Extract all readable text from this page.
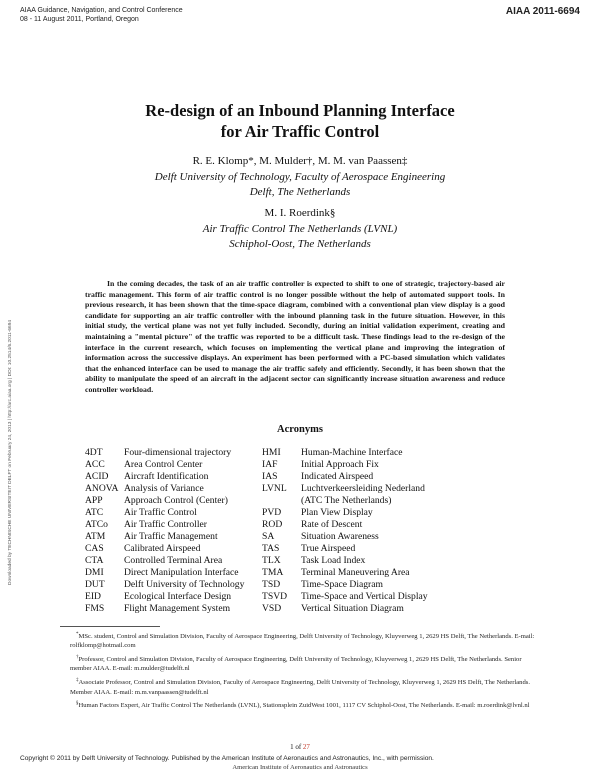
AIAA Guidance, Navigation, and Control Conference
08 - 11 August 2011, Portland, Oregon
AIAA 2011-6694
Downloaded by TECHNISCHE UNIVERSITEIT DELFT on February 24, 2013 | http://arc.aiaa.org | DOI: 10.2514/6.2011-6694
Re-design of an Inbound Planning Interface
for Air Traffic Control
R. E. Klomp*, M. Mulder†, M. M. van Paassen‡
Delft University of Technology, Faculty of Aerospace Engineering
Delft, The Netherlands
M. I. Roerdink§
Air Traffic Control The Netherlands (LVNL)
Schiphol-Oost, The Netherlands
In the coming decades, the task of an air traffic controller is expected to shift to one of strategic, trajectory-based air traffic management. This form of air traffic control is no longer possible without the help of automated support tools. In previous research, it has been shown that the time-space diagram, combined with a conventional plan view display is a good candidate for supporting an air traffic controller with the inbound planning task in the future situation. However, in this initial study, the vertical plane was not yet fully included. Secondly, during an initial validation experiment, creating and maintaining a "mental picture" of the traffic was reported to be a difficult task. These findings lead to the re-design of the interface in the current research, which focuses on implementing the vertical plane and improving the integration of information across the successive displays. An experiment has been performed with a PC-based simulation which validates that the enhanced interface can be used to manage the air traffic safely and efficiently. Secondly, it has been shown that the ability to manipulate the speed of an aircraft in the adjacent sector can significantly increase situation awareness and reduce controller workload.
Acronyms
4DT	Four-dimensional trajectory
ACC	Area Control Center
ACID	Aircraft Identification
ANOVA Analysis of Variance
APP	Approach Control (Center)
ATC	Air Traffic Control
ATCo	Air Traffic Controller
ATM	Air Traffic Management
CAS	Calibrated Airspeed
CTA	Controlled Terminal Area
DMI	Direct Manipulation Interface
DUT	Delft University of Technology
EID	Ecological Interface Design
FMS	Flight Management System
HMI	Human-Machine Interface
IAF	Initial Approach Fix
IAS	Indicated Airspeed
LVNL	Luchtverkeersleiding Nederland
(ATC The Netherlands)
PVD	Plan View Display
ROD	Rate of Descent
SA	Situation Awareness
TAS	True Airspeed
TLX	Task Load Index
TMA	Terminal Maneuvering Area
TSD	Time-Space Diagram
TSVD	Time-Space and Vertical Display
VSD	Vertical Situation Diagram
*MSc. student, Control and Simulation Division, Faculty of Aerospace Engineering, Delft University of Technology, Kluyverweg 1, 2629 HS Delft, The Netherlands. E-mail: rolfklomp@hotmail.com
†Professor, Control and Simulation Division, Faculty of Aerospace Engineering, Delft University of Technology, Kluyverweg 1, 2629 HS Delft, The Netherlands. Senior member AIAA. E-mail: m.mulder@tudelft.nl
‡Associate Professor, Control and Simulation Division, Faculty of Aerospace Engineering, Delft University of Technology, Kluyverweg 1, 2629 HS Delft, The Netherlands. Member AIAA. E-mail: m.m.vanpaassen@tudelft.nl
§Human Factors Expert, Air Traffic Control The Netherlands (LVNL), Stationsplein ZuidWest 1001, 1117 CV Schiphol-Oost, The Netherlands. E-mail: m.roerdink@lvnl.nl
1 of 27
Copyright © 2011 by Delft University of Technology. Published by the American Institute of Aeronautics and Astronautics, Inc., with permission.
American Institute of Aeronautics and Astronautics
